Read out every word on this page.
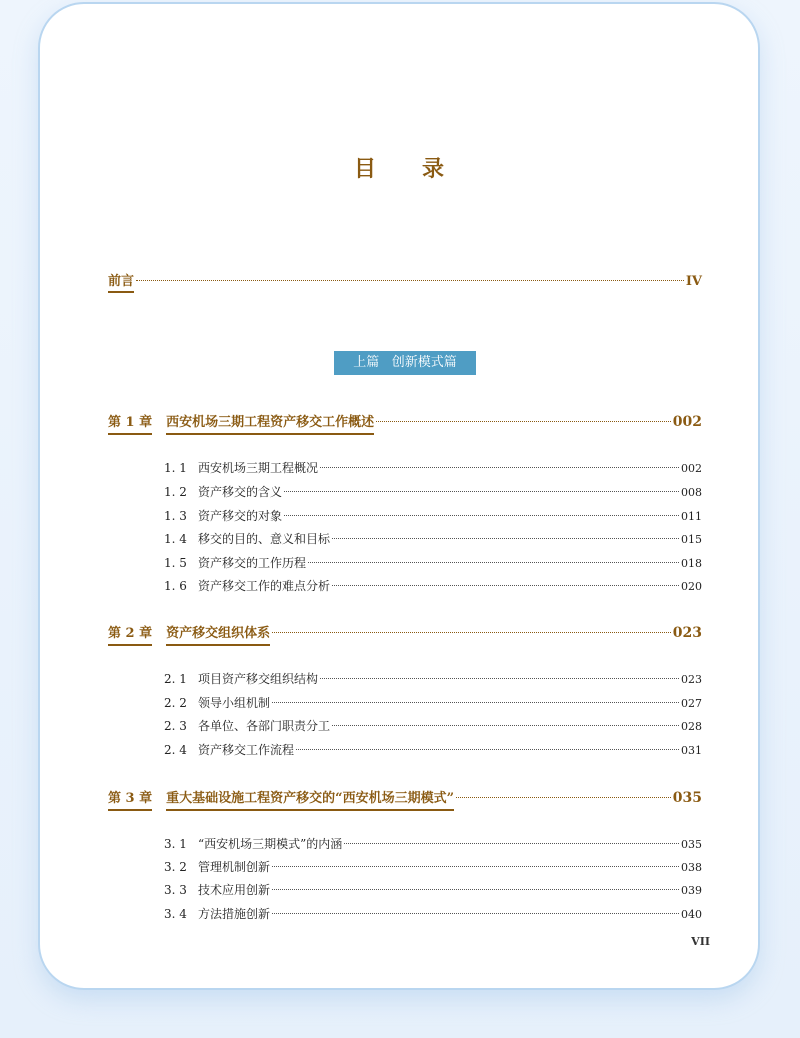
目 录
前言	IV
上篇   创新模式篇
第 1 章 西安机场三期工程资产移交工作概述	002
1. 1 西安机场三期工程概况	002
1. 2 资产移交的含义	008
1. 3 资产移交的对象	011
1. 4 移交的目的、意义和目标	015
1. 5 资产移交的工作历程	018
1. 6 资产移交工作的难点分析	020
第 2 章 资产移交组织体系	023
2. 1 项目资产移交组织结构	023
2. 2 领导小组机制	027
2. 3 各单位、各部门职责分工	028
2. 4 资产移交工作流程	031
第 3 章 重大基础设施工程资产移交的“西安机场三期模式”	035
3. 1 “西安机场三期模式”的内涵	035
3. 2 管理机制创新	038
3. 3 技术应用创新	039
3. 4 方法措施创新	040
VII
